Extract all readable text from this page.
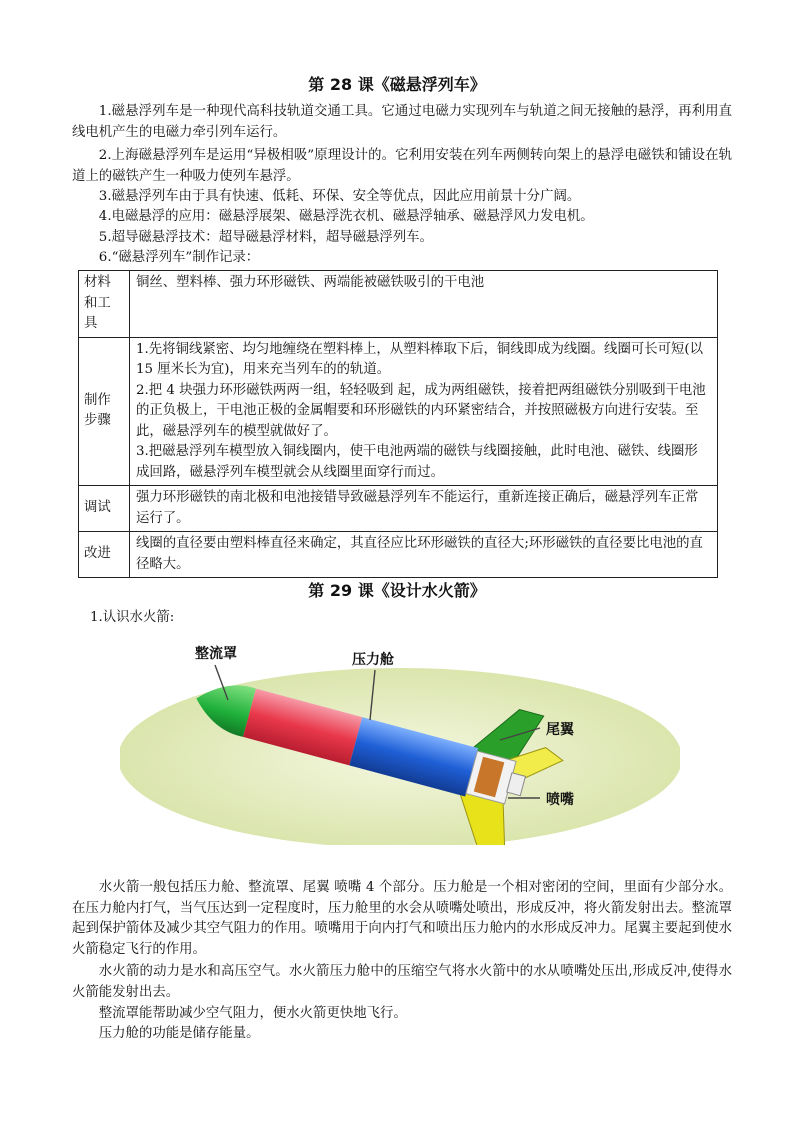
第 28 课《磁悬浮列车》
1.磁悬浮列车是一种现代高科技轨道交通工具。它通过电磁力实现列车与轨道之间无接触的悬浮，再利用直线电机产生的电磁力牵引列车运行。
2.上海磁悬浮列车是运用“异极相吸”原理设计的。它利用安装在列车两侧转向架上的悬浮电磁铁和铺设在轨道上的磁铁产生一种吸力使列车悬浮。
3.磁悬浮列车由于具有快速、低耗、环保、安全等优点，因此应用前景十分广阔。
4.电磁悬浮的应用：磁悬浮展架、磁悬浮洗衣机、磁悬浮轴承、磁悬浮风力发电机。
5.超导磁悬浮技术：超导磁悬浮材料，超导磁悬浮列车。
6.“磁悬浮列车”制作记录：
材料和工具	铜丝、塑料棒、强力环形磁铁、两端能被磁铁吸引的干电池
制作步骤	1.先将铜线紧密、均匀地缠绕在塑料棒上，从塑料棒取下后，铜线即成为线圈。线圈可长可短(以 15 厘米长为宜)，用来充当列车的的轨道。
2.把 4 块强力环形磁铁两两一组，轻轻吸到 起，成为两组磁铁，接着把两组磁铁分别吸到干电池的正负极上，干电池正极的金属帽要和环形磁铁的内环紧密结合，并按照磁极方向进行安装。至此，磁悬浮列车的模型就做好了。
3.把磁悬浮列车模型放入铜线圈内，使干电池两端的磁铁与线圈接触，此时电池、磁铁、线圈形成回路，磁悬浮列车模型就会从线圈里面穿行而过。

调试	强力环形磁铁的南北极和电池接错导致磁悬浮列车不能运行，重新连接正确后，磁悬浮列车正常运行了。
改进	线圈的直径要由塑料棒直径来确定，其直径应比环形磁铁的直径大;环形磁铁的直径要比电池的直径略大。
第 29 课《设计水火箭》
1.认识水火箭:
整流罩	压力舱
尾翼
喷嘴
水火箭一般包括压力舱、整流罩、尾翼 喷嘴 4 个部分。压力舱是一个相对密闭的空间，里面有少部分水。在压力舱内打气，当气压达到一定程度时，压力舱里的水会从喷嘴处喷出，形成反冲，将火箭发射出去。整流罩起到保护箭体及减少其空气阻力的作用。喷嘴用于向内打气和喷出压力舱内的水形成反冲力。尾翼主要起到使水火箭稳定飞行的作用。
水火箭的动力是水和高压空气。水火箭压力舱中的压缩空气将水火箭中的水从喷嘴处压出,形成反冲,使得水火箭能发射出去。
整流罩能帮助减少空气阻力，便水火箭更快地飞行。
压力舱的功能是储存能量。
